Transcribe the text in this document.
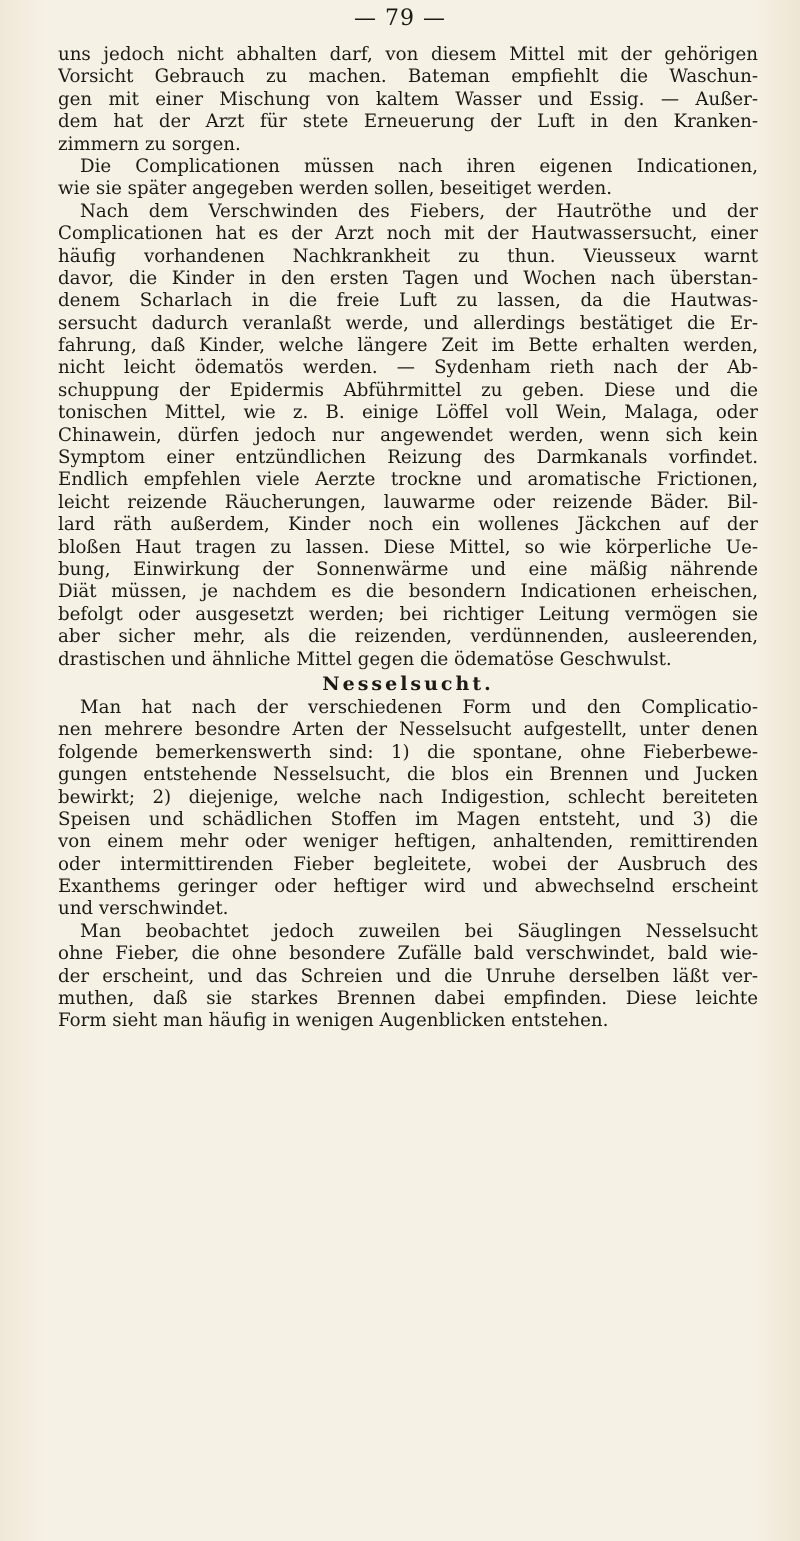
— 79 —
uns jedoch nicht abhalten darf, von diesem Mittel mit der gehörigen
Vorsicht Gebrauch zu machen. Bateman empfiehlt die Waschun-
gen mit einer Mischung von kaltem Wasser und Essig. — Außer-
dem hat der Arzt für stete Erneuerung der Luft in den Kranken-
zimmern zu sorgen.
Die Complicationen müssen nach ihren eigenen Indicationen,
wie sie später angegeben werden sollen, beseitiget werden.
Nach dem Verschwinden des Fiebers, der Hautröthe und der
Complicationen hat es der Arzt noch mit der Hautwassersucht, einer
häufig vorhandenen Nachkrankheit zu thun. Vieusseux warnt
davor, die Kinder in den ersten Tagen und Wochen nach überstan-
denem Scharlach in die freie Luft zu lassen, da die Hautwas-
sersucht dadurch veranlaßt werde, und allerdings bestätiget die Er-
fahrung, daß Kinder, welche längere Zeit im Bette erhalten werden,
nicht leicht ödematös werden. — Sydenham rieth nach der Ab-
schuppung der Epidermis Abführmittel zu geben. Diese und die
tonischen Mittel, wie z. B. einige Löffel voll Wein, Malaga, oder
Chinawein, dürfen jedoch nur angewendet werden, wenn sich kein
Symptom einer entzündlichen Reizung des Darmkanals vorfindet.
Endlich empfehlen viele Aerzte trockne und aromatische Frictionen,
leicht reizende Räucherungen, lauwarme oder reizende Bäder. Bil-
lard räth außerdem, Kinder noch ein wollenes Jäckchen auf der
bloßen Haut tragen zu lassen. Diese Mittel, so wie körperliche Ue-
bung, Einwirkung der Sonnenwärme und eine mäßig nährende
Diät müssen, je nachdem es die besondern Indicationen erheischen,
befolgt oder ausgesetzt werden; bei richtiger Leitung vermögen sie
aber sicher mehr, als die reizenden, verdünnenden, ausleerenden,
drastischen und ähnliche Mittel gegen die ödematöse Geschwulst.
Nesselsucht.
Man hat nach der verschiedenen Form und den Complicatio-
nen mehrere besondre Arten der Nesselsucht aufgestellt, unter denen
folgende bemerkenswerth sind: 1) die spontane, ohne Fieberbewe-
gungen entstehende Nesselsucht, die blos ein Brennen und Jucken
bewirkt; 2) diejenige, welche nach Indigestion, schlecht bereiteten
Speisen und schädlichen Stoffen im Magen entsteht, und 3) die
von einem mehr oder weniger heftigen, anhaltenden, remittirenden
oder intermittirenden Fieber begleitete, wobei der Ausbruch des
Exanthems geringer oder heftiger wird und abwechselnd erscheint
und verschwindet.
Man beobachtet jedoch zuweilen bei Säuglingen Nesselsucht
ohne Fieber, die ohne besondere Zufälle bald verschwindet, bald wie-
der erscheint, und das Schreien und die Unruhe derselben läßt ver-
muthen, daß sie starkes Brennen dabei empfinden. Diese leichte
Form sieht man häufig in wenigen Augenblicken entstehen.
